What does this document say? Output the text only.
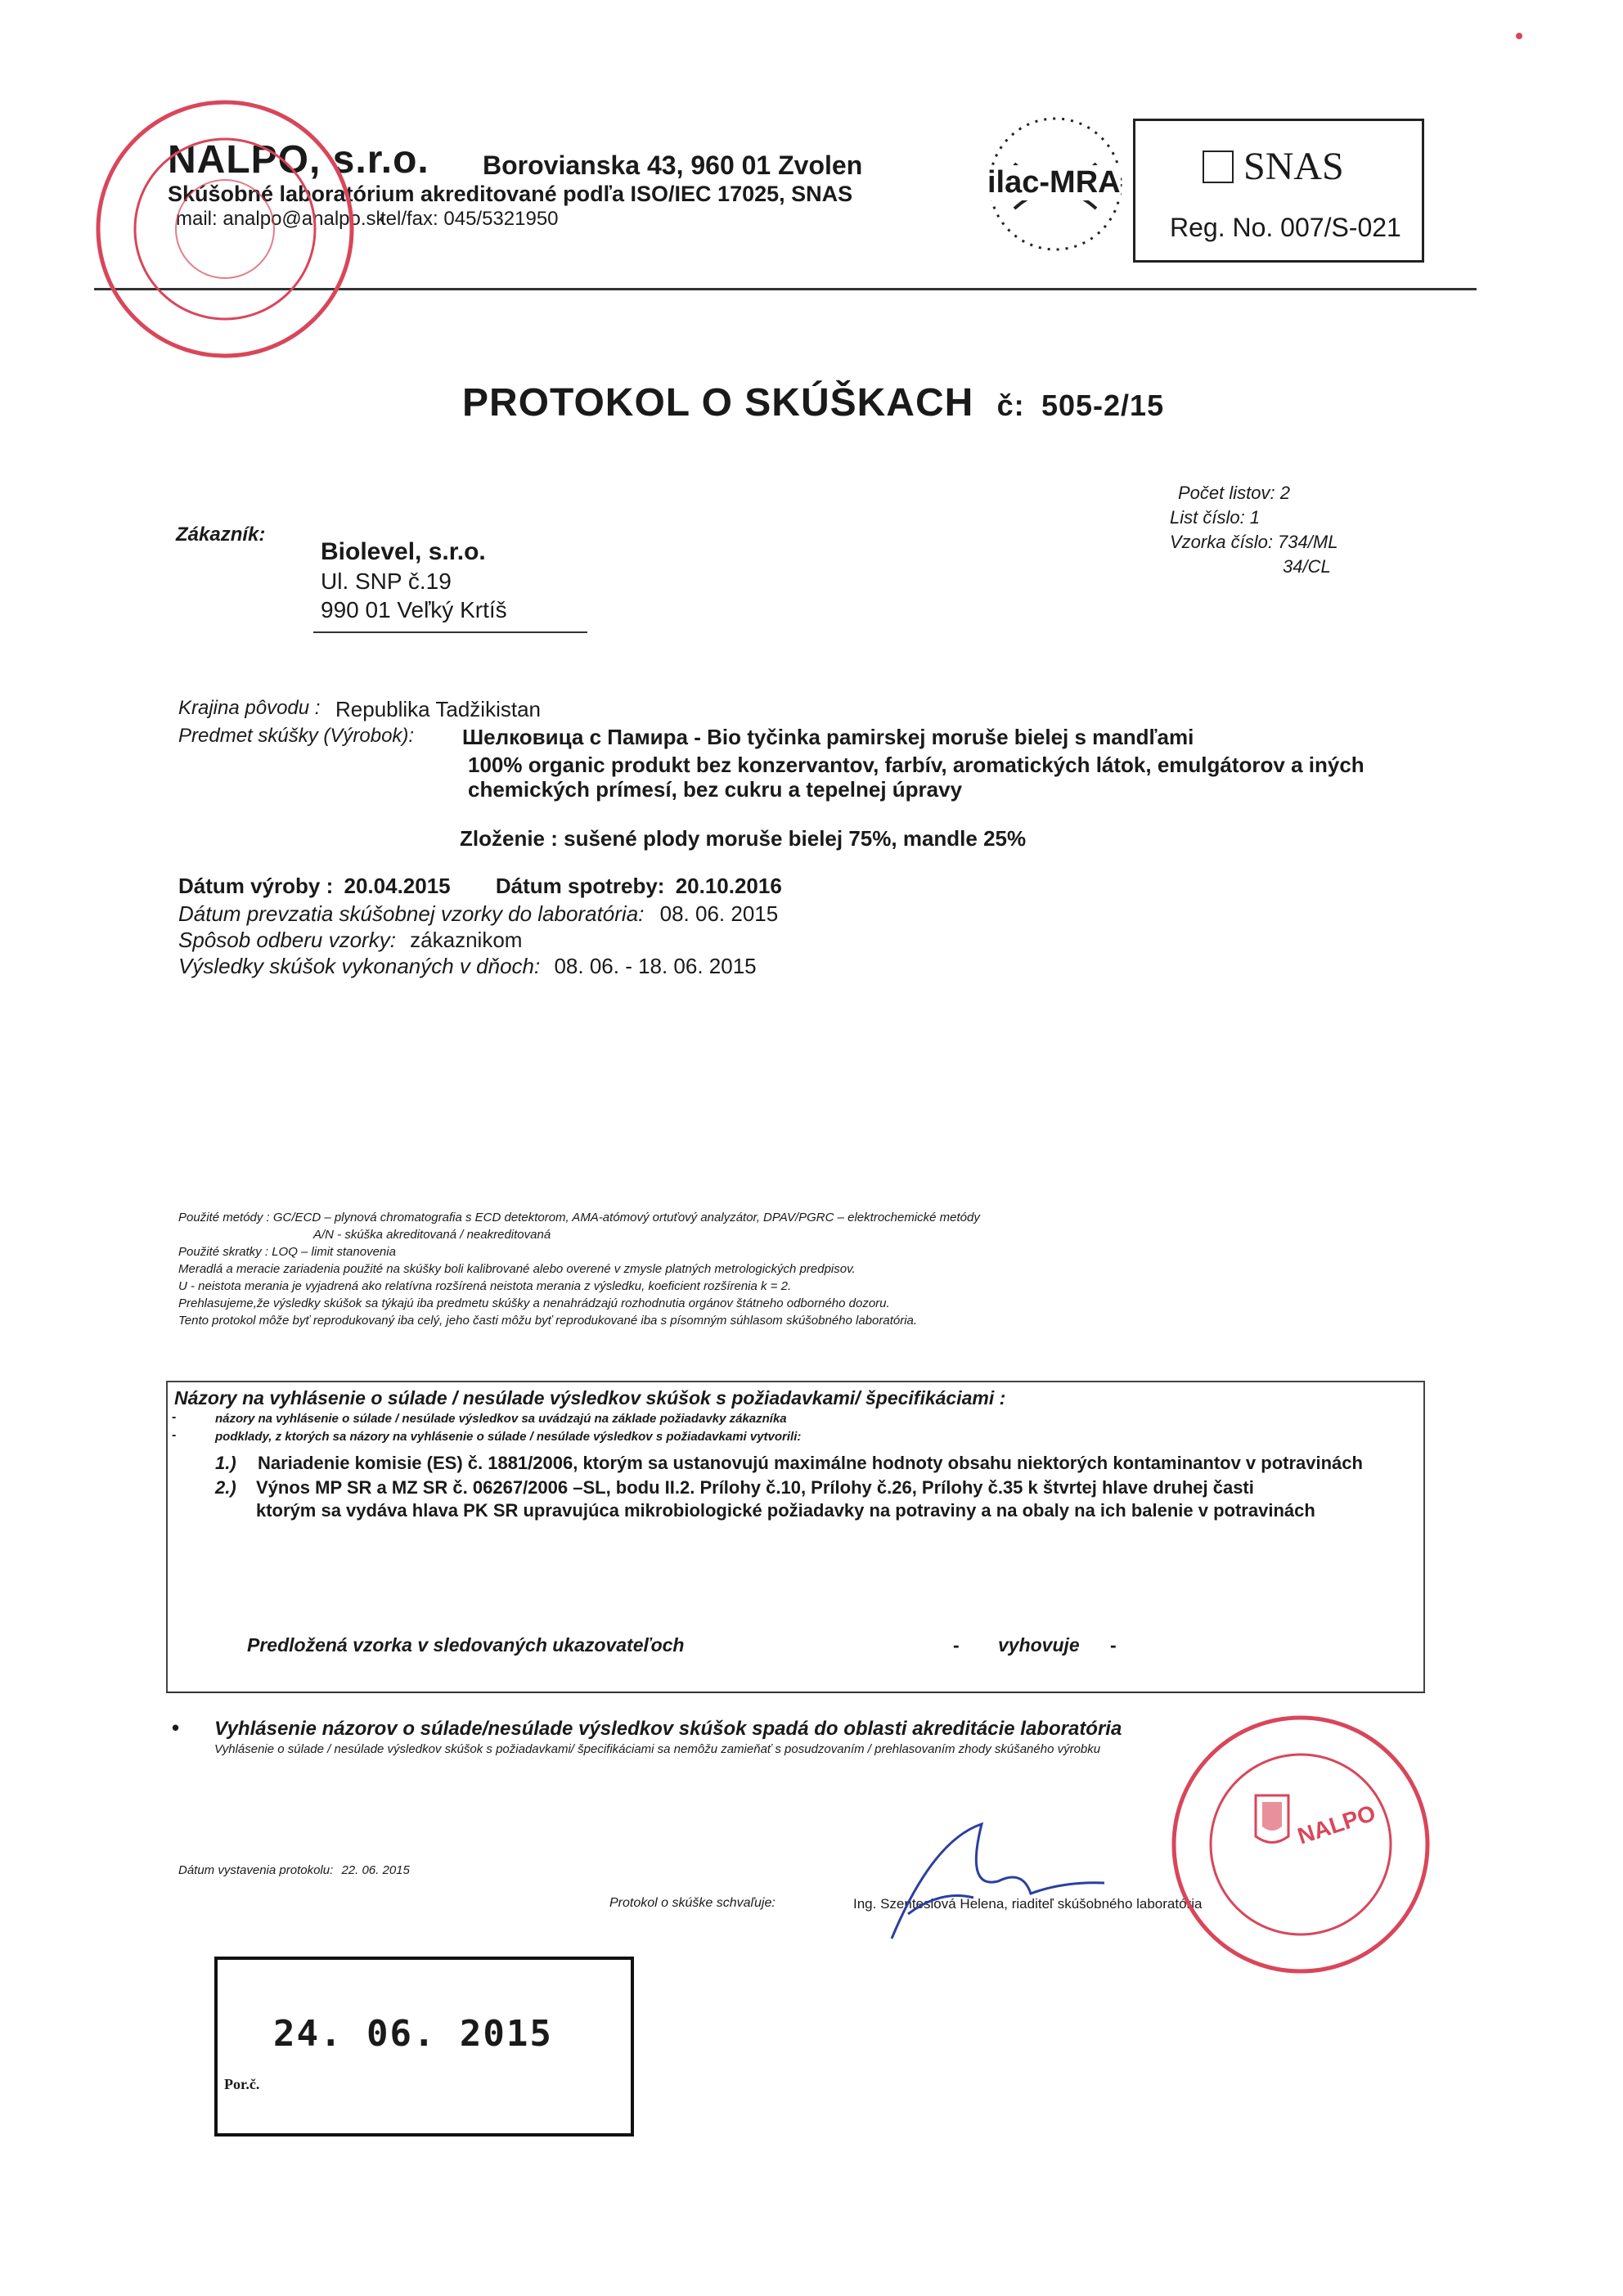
NALPO, s.r.o. Borovianska 43, 960 01 Zvolen
Skúšobné laboratórium akreditované podľa ISO/IEC 17025, SNAS
mail: analpo@analpo.sk
tel/fax: 045/5321950
ilac-MRA	SNAS
Reg. No. 007/S-021
PROTOKOL O SKÚŠKACH č: 505-2/15
Počet listov: 2
List číslo: 1
Vzorka číslo: 734/ML
34/CL
Zákazník:
Biolevel, s.r.o.
Ul. SNP č.19
990 01 Veľký Krtíš
Krajina pôvodu : Republika Tadžikistan
Predmet skúšky (Výrobok): Шелковица с Памира - Bio tyčinka pamirskej moruše bielej s mandľami
100% organic produkt bez konzervantov, farbív, aromatických látok, emulgátorov a iných
chemických prímesí, bez cukru a tepelnej úpravy
Zloženie : sušené plody moruše bielej 75%, mandle 25%
Dátum výroby : 20.04.2015 Dátum spotreby: 20.10.2016
Dátum prevzatia skúšobnej vzorky do laboratória: 08. 06. 2015
Spôsob odberu vzorky: zákaznikom
Výsledky skúšok vykonaných v dňoch: 08. 06. - 18. 06. 2015
Použité metódy : GC/ECD – plynová chromatografia s ECD detektorom, AMA-atómový ortuťový analyzátor, DPAV/PGRC – elektrochemické metódy
A/N - skúška akreditovaná / neakreditovaná
Použité skratky : LOQ – limit stanovenia
Meradlá a meracie zariadenia použité na skúšky boli kalibrované alebo overené v zmysle platných metrologických predpisov.
U - neistota merania je vyjadrená ako relatívna rozšírená neistota merania z výsledku, koeficient rozšírenia k = 2.
Prehlasujeme,že výsledky skúšok sa týkajú iba predmetu skúšky a nenahrádzajú rozhodnutia orgánov štátneho odborného dozoru.
Tento protokol môže byť reprodukovaný iba celý, jeho časti môžu byť reprodukované iba s písomným súhlasom skúšobného laboratória.
Názory na vyhlásenie o súlade / nesúlade výsledkov skúšok s požiadavkami/ špecifikáciami :
-	názory na vyhlásenie o súlade / nesúlade výsledkov sa uvádzajú na základe požiadavky zákazníka
-	podklady, z ktorých sa názory na vyhlásenie o súlade / nesúlade výsledkov s požiadavkami vytvorili:
1.) Nariadenie komisie (ES) č. 1881/2006, ktorým sa ustanovujú maximálne hodnoty obsahu niektorých kontaminantov v potravinách
2.) Výnos MP SR a MZ SR č. 06267/2006 –SL, bodu II.2. Prílohy č.10, Prílohy č.26, Prílohy č.35 k štvrtej hlave druhej časti
ktorým sa vydáva hlava PK SR upravujúca mikrobiologické požiadavky na potraviny a na obaly na ich balenie v potravinách
Predložená vzorka v sledovaných ukazovateľoch	- vyhovuje -
• Vyhlásenie názorov o súlade/nesúlade výsledkov skúšok spadá do oblasti akreditácie laboratória
Vyhlásenie o súlade / nesúlade výsledkov skúšok s požiadavkami/ špecifikáciami sa nemôžu zamieňať s posudzovaním / prehlasovaním zhody skúšaného výrobku
Dátum vystavenia protokolu: 22. 06. 2015
Protokol o skúške schvaľuje:	Ing. Szentesiová Helena, riaditeľ skúšobného laboratória
NALPO
24. 06. 2015
Por.č.
